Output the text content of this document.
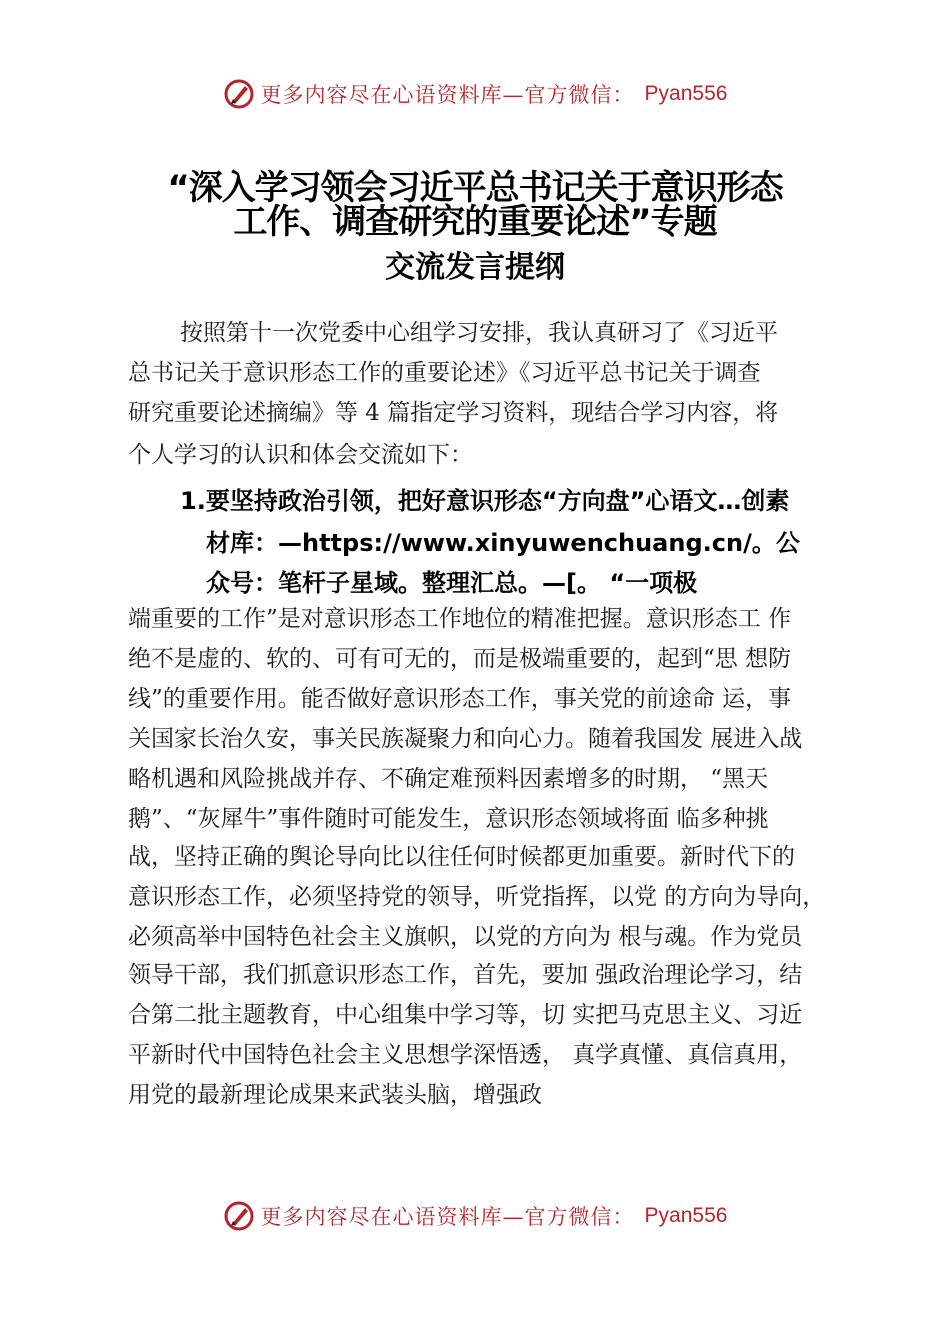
更多内容尽在心语资料库—官方微信： Pyan556
“深入学习领会习近平总书记关于意识形态
工作、调查研究的重要论述”专题
交流发言提纲
按照第十一次党委中心组学习安排，我认真研习了《习近平
总书记关于意识形态工作的重要论述》《习近平总书记关于调查
研究重要论述摘编》等 4 篇指定学习资料，现结合学习内容，将
个人学习的认识和体会交流如下：
1.要坚持政治引领，把好意识形态“方向盘”心语文…创素
材库：—https://www.xinyuwenchuang.cn/。公
众号：笔杆子星域。整理汇总。—[。 “一项极
端重要的工作”是对意识形态工作地位的精准把握。意识形态工 作
绝不是虚的、软的、可有可无的，而是极端重要的，起到“思 想防
线”的重要作用。能否做好意识形态工作，事关党的前途命 运，事
关国家长治久安，事关民族凝聚力和向心力。随着我国发 展进入战
略机遇和风险挑战并存、不确定难预料因素增多的时期， “黑天
鹅”、“灰犀牛”事件随时可能发生，意识形态领域将面 临多种挑
战，坚持正确的舆论导向比以往任何时候都更加重要。新时代下的
意识形态工作，必须坚持党的领导，听党指挥，以党 的方向为导向，
必须高举中国特色社会主义旗帜，以党的方向为 根与魂。作为党员
领导干部，我们抓意识形态工作，首先，要加 强政治理论学习，结
合第二批主题教育，中心组集中学习等，切 实把马克思主义、习近
平新时代中国特色社会主义思想学深悟透， 真学真懂、真信真用，
用党的最新理论成果来武装头脑，增强政
更多内容尽在心语资料库—官方微信： Pyan556
